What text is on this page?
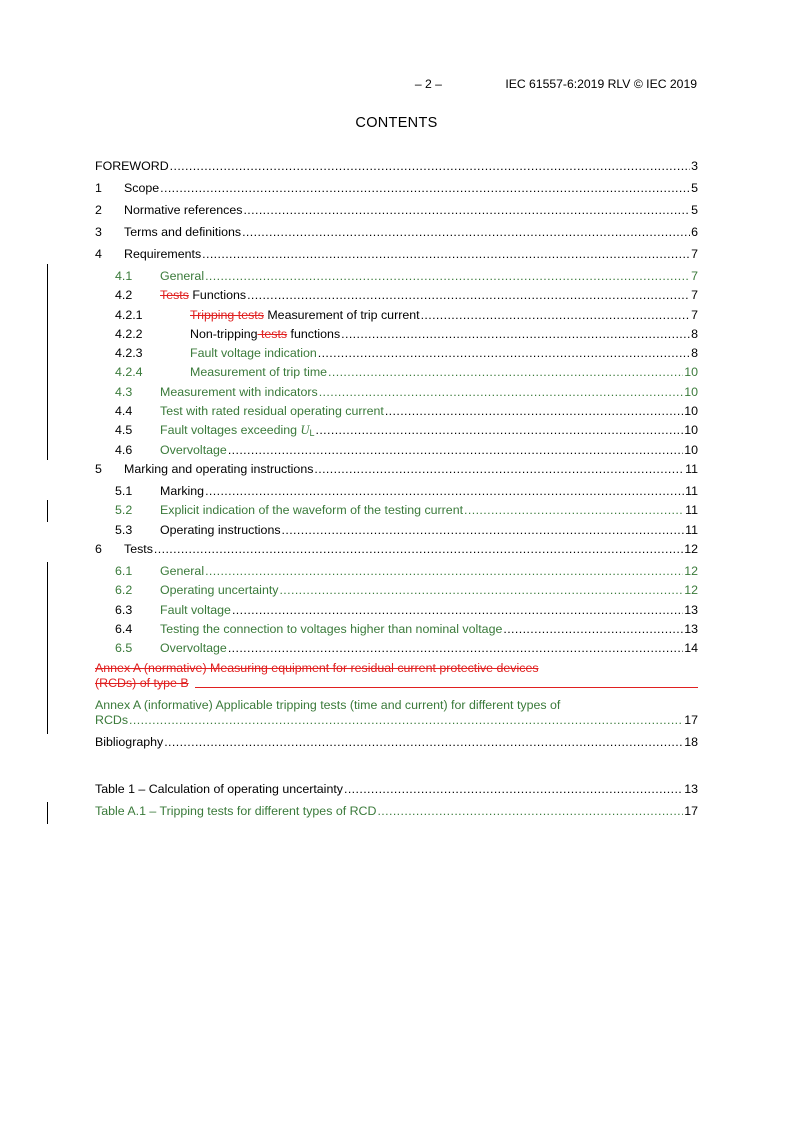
– 2 –	IEC 61557-6:2019 RLV © IEC 2019
CONTENTS
FOREWORD .....	3
1	Scope .....	5
2	Normative references .....	5
3	Terms and definitions .....	6
4	Requirements .....	7
4.1	General .....	7
4.2	Tests Functions .....	7
4.2.1	Tripping tests Measurement of trip current .....	7
4.2.2	Non-tripping tests functions .....	8
4.2.3	Fault voltage indication .....	8
4.2.4	Measurement of trip time .....	10
4.3	Measurement with indicators .....	10
4.4	Test with rated residual operating current .....	10
4.5	Fault voltages exceeding $U_L$ .....	10
4.6	Overvoltage .....	10
5	Marking and operating instructions .....	11
5.1	Marking .....	11
5.2	Explicit indication of the waveform of the testing current .....	11
5.3	Operating instructions .....	11
6	Tests .....	12
6.1	General .....	12
6.2	Operating uncertainty .....	12
6.3	Fault voltage .....	13
6.4	Testing the connection to voltages higher than nominal voltage .....	13
6.5	Overvoltage .....	14
Annex A (normative) Measuring equipment for residual current protective devices
(RCDs) of type B
Annex A (informative) Applicable tripping tests (time and current) for different types of
RCDs .....	17
Bibliography .....	18
Table 1 – Calculation of operating uncertainty .....	13
Table A.1 – Tripping tests for different types of RCD .....	17
